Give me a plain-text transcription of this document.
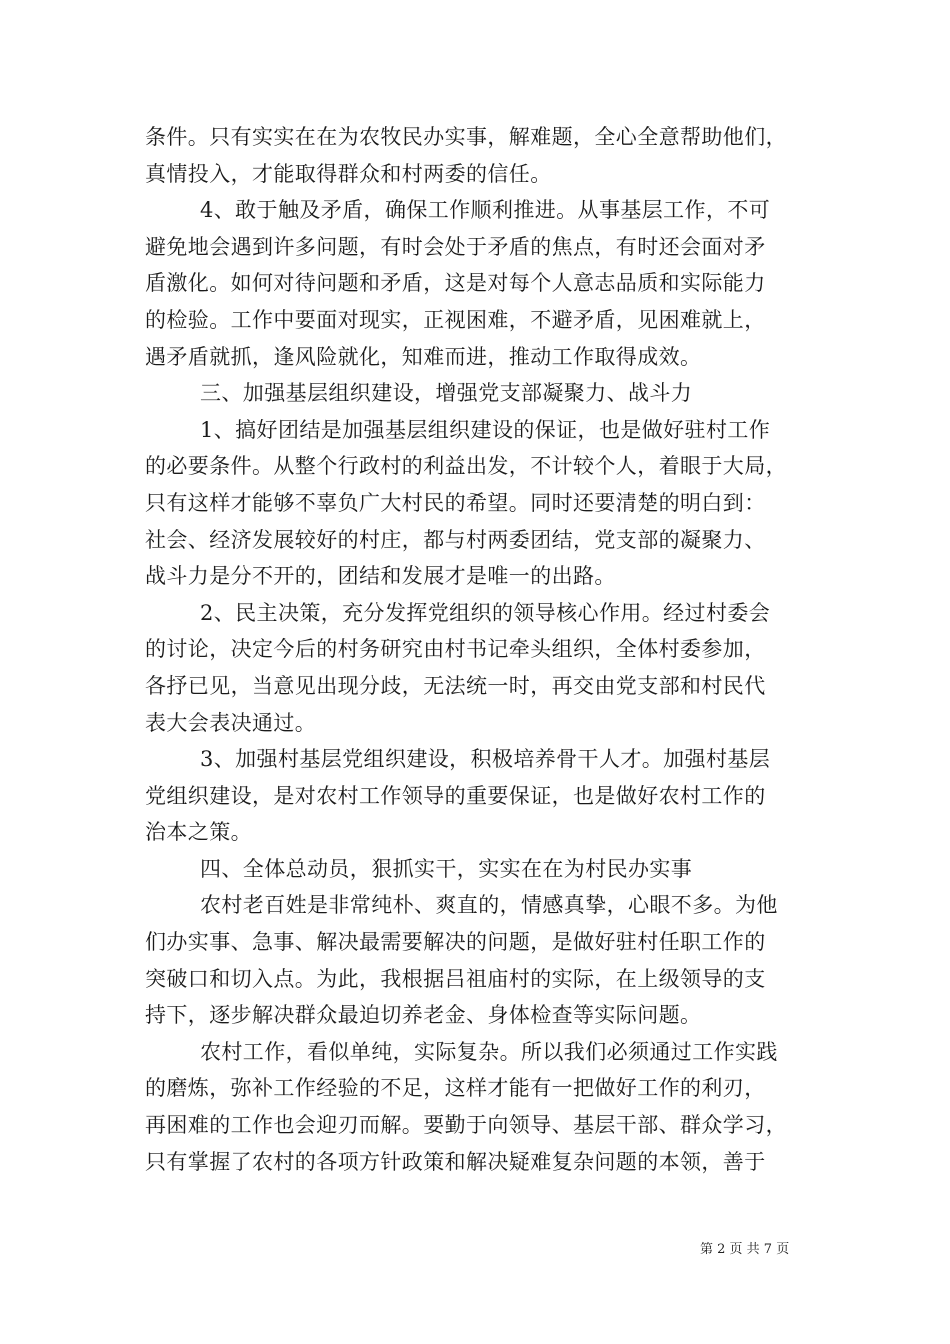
条件。只有实实在在为农牧民办实事，解难题，全心全意帮助他们，
真情投入，才能取得群众和村两委的信任。
4、敢于触及矛盾，确保工作顺利推进。从事基层工作，不可
避免地会遇到许多问题，有时会处于矛盾的焦点，有时还会面对矛
盾激化。如何对待问题和矛盾，这是对每个人意志品质和实际能力
的检验。工作中要面对现实，正视困难，不避矛盾，见困难就上，
遇矛盾就抓，逢风险就化，知难而进，推动工作取得成效。
三、加强基层组织建设，增强党支部凝聚力、战斗力
1、搞好团结是加强基层组织建设的保证，也是做好驻村工作
的必要条件。从整个行政村的利益出发，不计较个人，着眼于大局，
只有这样才能够不辜负广大村民的希望。同时还要清楚的明白到：
社会、经济发展较好的村庄，都与村两委团结，党支部的凝聚力、
战斗力是分不开的，团结和发展才是唯一的出路。
2、民主决策，充分发挥党组织的领导核心作用。经过村委会
的讨论，决定今后的村务研究由村书记牵头组织，全体村委参加，
各抒已见，当意见出现分歧，无法统一时，再交由党支部和村民代
表大会表决通过。
3、加强村基层党组织建设，积极培养骨干人才。加强村基层
党组织建设，是对农村工作领导的重要保证，也是做好农村工作的
治本之策。
四、全体总动员，狠抓实干，实实在在为村民办实事
农村老百姓是非常纯朴、爽直的，情感真挚，心眼不多。为他
们办实事、急事、解决最需要解决的问题，是做好驻村任职工作的
突破口和切入点。为此，我根据吕祖庙村的实际，在上级领导的支
持下，逐步解决群众最迫切养老金、身体检查等实际问题。
农村工作，看似单纯，实际复杂。所以我们必须通过工作实践
的磨炼，弥补工作经验的不足，这样才能有一把做好工作的利刃，
再困难的工作也会迎刃而解。要勤于向领导、基层干部、群众学习，
只有掌握了农村的各项方针政策和解决疑难复杂问题的本领，善于
第 2 页 共 7 页
